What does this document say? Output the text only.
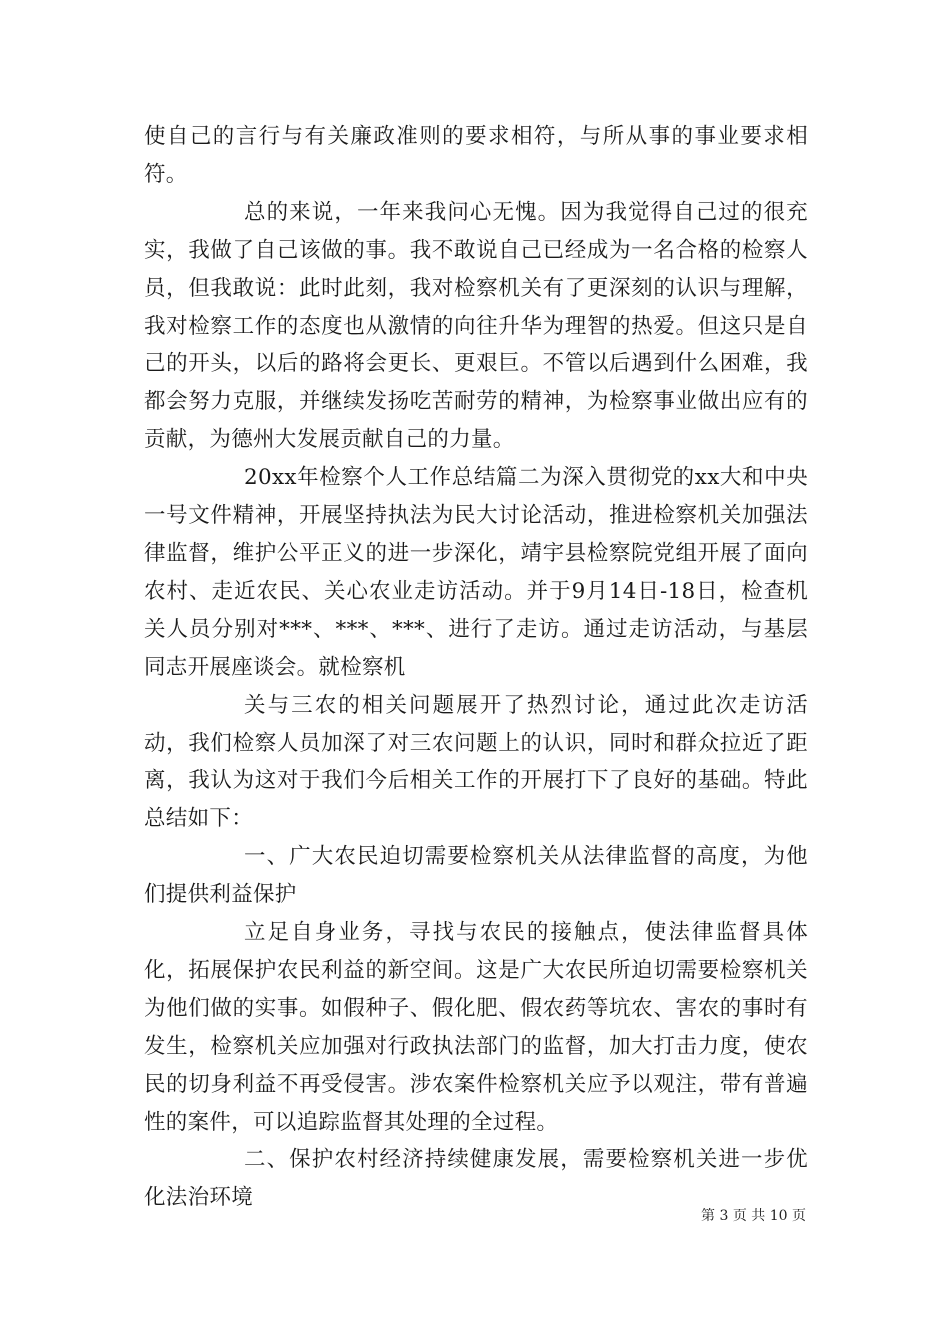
使自己的言行与有关廉政准则的要求相符，与所从事的事业要求相符。

总的来说，一年来我问心无愧。因为我觉得自己过的很充实，我做了自己该做的事。我不敢说自己已经成为一名合格的检察人员，但我敢说：此时此刻，我对检察机关有了更深刻的认识与理解，我对检察工作的态度也从激情的向往升华为理智的热爱。但这只是自己的开头，以后的路将会更长、更艰巨。不管以后遇到什么困难，我都会努力克服，并继续发扬吃苦耐劳的精神，为检察事业做出应有的贡献，为德州大发展贡献自己的力量。

20xx年检察个人工作总结篇二为深入贯彻党的xx大和中央一号文件精神，开展坚持执法为民大讨论活动，推进检察机关加强法律监督，维护公平正义的进一步深化，靖宇县检察院党组开展了面向农村、走近农民、关心农业走访活动。并于9月14日-18日，检查机关人员分别对***、***、***、进行了走访。通过走访活动，与基层同志开展座谈会。就检察机

关与三农的相关问题展开了热烈讨论，通过此次走访活动，我们检察人员加深了对三农问题上的认识，同时和群众拉近了距离，我认为这对于我们今后相关工作的开展打下了良好的基础。特此总结如下：

一、广大农民迫切需要检察机关从法律监督的高度，为他们提供利益保护

立足自身业务，寻找与农民的接触点，使法律监督具体化，拓展保护农民利益的新空间。这是广大农民所迫切需要检察机关为他们做的实事。如假种子、假化肥、假农药等坑农、害农的事时有发生，检察机关应加强对行政执法部门的监督，加大打击力度，使农民的切身利益不再受侵害。涉农案件检察机关应予以观注，带有普遍性的案件，可以追踪监督其处理的全过程。

二、保护农村经济持续健康发展，需要检察机关进一步优化法治环境

第 3 页 共 10 页
